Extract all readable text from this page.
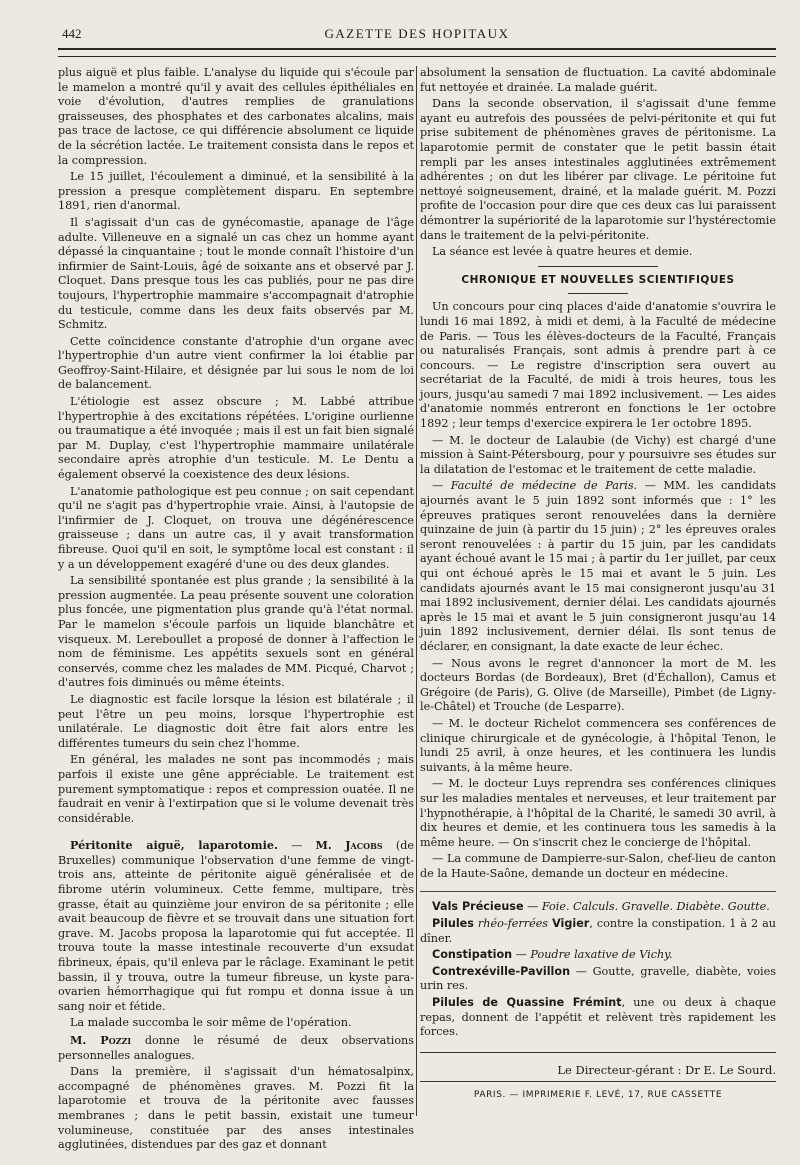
442	GAZETTE DES HOPITAUX

plus aiguë et plus faible. L'analyse du liquide qui s'écoule par le mamelon a montré qu'il y avait des cellules épithéliales en voie d'évolution, d'autres remplies de granulations graisseuses, des phosphates et des carbonates alcalins, mais pas trace de lactose, ce qui différencie absolument ce liquide de la sécrétion lactée. Le traitement consista dans le repos et la compression.

Le 15 juillet, l'écoulement a diminué, et la sensibilité à la pression a presque complètement disparu. En septembre 1891, rien d'anormal.

Il s'agissait d'un cas de gynécomastie, apanage de l'âge adulte. Villeneuve en a signalé un cas chez un homme ayant dépassé la cinquantaine ; tout le monde connaît l'histoire d'un infirmier de Saint-Louis, âgé de soixante ans et observé par J. Cloquet. Dans presque tous les cas publiés, pour ne pas dire toujours, l'hypertrophie mammaire s'accompagnait d'atrophie du testicule, comme dans les deux faits observés par M. Schmitz.

Cette coïncidence constante d'atrophie d'un organe avec l'hypertrophie d'un autre vient confirmer la loi établie par Geoffroy-Saint-Hilaire, et désignée par lui sous le nom de loi de balancement.

L'étiologie est assez obscure ; M. Labbé attribue l'hypertrophie à des excitations répétées. L'origine ourlienne ou traumatique a été invoquée ; mais il est un fait bien signalé par M. Duplay, c'est l'hypertrophie mammaire unilatérale secondaire après atrophie d'un testicule. M. Le Dentu a également observé la coexistence des deux lésions.

L'anatomie pathologique est peu connue ; on sait cependant qu'il ne s'agit pas d'hypertrophie vraie. Ainsi, à l'autopsie de l'infirmier de J. Cloquet, on trouva une dégénérescence graisseuse ; dans un autre cas, il y avait transformation fibreuse. Quoi qu'il en soit, le symptôme local est constant : il y a un développement exagéré d'une ou des deux glandes.

La sensibilité spontanée est plus grande ; la sensibilité à la pression augmentée. La peau présente souvent une coloration plus foncée, une pigmentation plus grande qu'à l'état normal. Par le mamelon s'écoule parfois un liquide blanchâtre et visqueux. M. Lereboullet a proposé de donner à l'affection le nom de féminisme. Les appétits sexuels sont en général conservés, comme chez les malades de MM. Picqué, Charvot ; d'autres fois diminués ou même éteints.

Le diagnostic est facile lorsque la lésion est bilatérale ; il peut l'être un peu moins, lorsque l'hypertrophie est unilatérale. Le diagnostic doit être fait alors entre les différentes tumeurs du sein chez l'homme.

En général, les malades ne sont pas incommodés ; mais parfois il existe une gêne appréciable. Le traitement est purement symptomatique : repos et compression ouatée. Il ne faudrait en venir à l'extirpation que si le volume devenait très considérable.

Péritonite aiguë, laparotomie. — M. Jacobs (de Bruxelles) communique l'observation d'une femme de vingt-trois ans, atteinte de péritonite aiguë généralisée et de fibrome utérin volumineux. Cette femme, multipare, très grasse, était au quinzième jour environ de sa péritonite ; elle avait beaucoup de fièvre et se trouvait dans une situation fort grave. M. Jacobs proposa la laparotomie qui fut acceptée. Il trouva toute la masse intestinale recouverte d'un exsudat fibrineux, épais, qu'il enleva par le râclage. Examinant le petit bassin, il y trouva, outre la tumeur fibreuse, un kyste para-ovarien hémorrhagique qui fut rompu et donna issue à un sang noir et fétide.

La malade succomba le soir même de l'opération.

M. Pozzi donne le résumé de deux observations personnelles analogues.

Dans la première, il s'agissait d'un hématosalpinx, accompagné de phénomènes graves. M. Pozzi fit la laparotomie et trouva de la péritonite avec fausses membranes ; dans le petit bassin, existait une tumeur volumineuse, constituée par des anses intestinales agglutinées, distendues par des gaz et donnant

absolument la sensation de fluctuation. La cavité abdominale fut nettoyée et drainée. La malade guérit.

Dans la seconde observation, il s'agissait d'une femme ayant eu autrefois des poussées de pelvi-péritonite et qui fut prise subitement de phénomènes graves de péritonisme. La laparotomie permit de constater que le petit bassin était rempli par les anses intestinales agglutinées extrêmement adhérentes ; on dut les libérer par clivage. Le péritoine fut nettoyé soigneusement, drainé, et la malade guérit. M. Pozzi profite de l'occasion pour dire que ces deux cas lui paraissent démontrer la supériorité de la laparotomie sur l'hystérectomie dans le traitement de la pelvi-péritonite.

La séance est levée à quatre heures et demie.

CHRONIQUE ET NOUVELLES SCIENTIFIQUES

Un concours pour cinq places d'aide d'anatomie s'ouvrira le lundi 16 mai 1892, à midi et demi, à la Faculté de médecine de Paris. — Tous les élèves-docteurs de la Faculté, Français ou naturalisés Français, sont admis à prendre part à ce concours. — Le registre d'inscription sera ouvert au secrétariat de la Faculté, de midi à trois heures, tous les jours, jusqu'au samedi 7 mai 1892 inclusivement. — Les aides d'anatomie nommés entreront en fonctions le 1er octobre 1892 ; leur temps d'exercice expirera le 1er octobre 1895.

— M. le docteur de Lalaubie (de Vichy) est chargé d'une mission à Saint-Pétersbourg, pour y poursuivre ses études sur la dilatation de l'estomac et le traitement de cette maladie.

— Faculté de médecine de Paris. — MM. les candidats ajournés avant le 5 juin 1892 sont informés que : 1° les épreuves pratiques seront renouvelées dans la dernière quinzaine de juin (à partir du 15 juin) ; 2° les épreuves orales seront renouvelées : à partir du 15 juin, par les candidats ayant échoué avant le 15 mai ; à partir du 1er juillet, par ceux qui ont échoué après le 15 mai et avant le 5 juin. Les candidats ajournés avant le 15 mai consigneront jusqu'au 31 mai 1892 inclusivement, dernier délai. Les candidats ajournés après le 15 mai et avant le 5 juin consigneront jusqu'au 14 juin 1892 inclusivement, dernier délai. Ils sont tenus de déclarer, en consignant, la date exacte de leur échec.

— Nous avons le regret d'annoncer la mort de M. les docteurs Bordas (de Bordeaux), Bret (d'Échallon), Camus et Grégoire (de Paris), G. Olive (de Marseille), Pimbet (de Ligny-le-Châtel) et Trouche (de Lesparre).

— M. le docteur Richelot commencera ses conférences de clinique chirurgicale et de gynécologie, à l'hôpital Tenon, le lundi 25 avril, à onze heures, et les continuera les lundis suivants, à la même heure.

— M. le docteur Luys reprendra ses conférences cliniques sur les maladies mentales et nerveuses, et leur traitement par l'hypnothérapie, à l'hôpital de la Charité, le samedi 30 avril, à dix heures et demie, et les continuera tous les samedis à la même heure. — On s'inscrit chez le concierge de l'hôpital.

— La commune de Dampierre-sur-Salon, chef-lieu de canton de la Haute-Saône, demande un docteur en médecine.

Vals Précieuse — Foie. Calculs. Gravelle. Diabète. Goutte.

Pilules rhéo-ferrées Vigier, contre la constipation. 1 à 2 au dîner.

Constipation — Poudre laxative de Vichy.

Contrexéville-Pavillon — Goutte, gravelle, diabète, voies urin res.

Pilules de Quassine Frémint, une ou deux à chaque repas, donnent de l'appétit et relèvent très rapidement les forces.

Le Directeur-gérant : Dr E. Le Sourd.
PARIS. — IMPRIMERIE F. LEVÉ, 17, RUE CASSETTE
